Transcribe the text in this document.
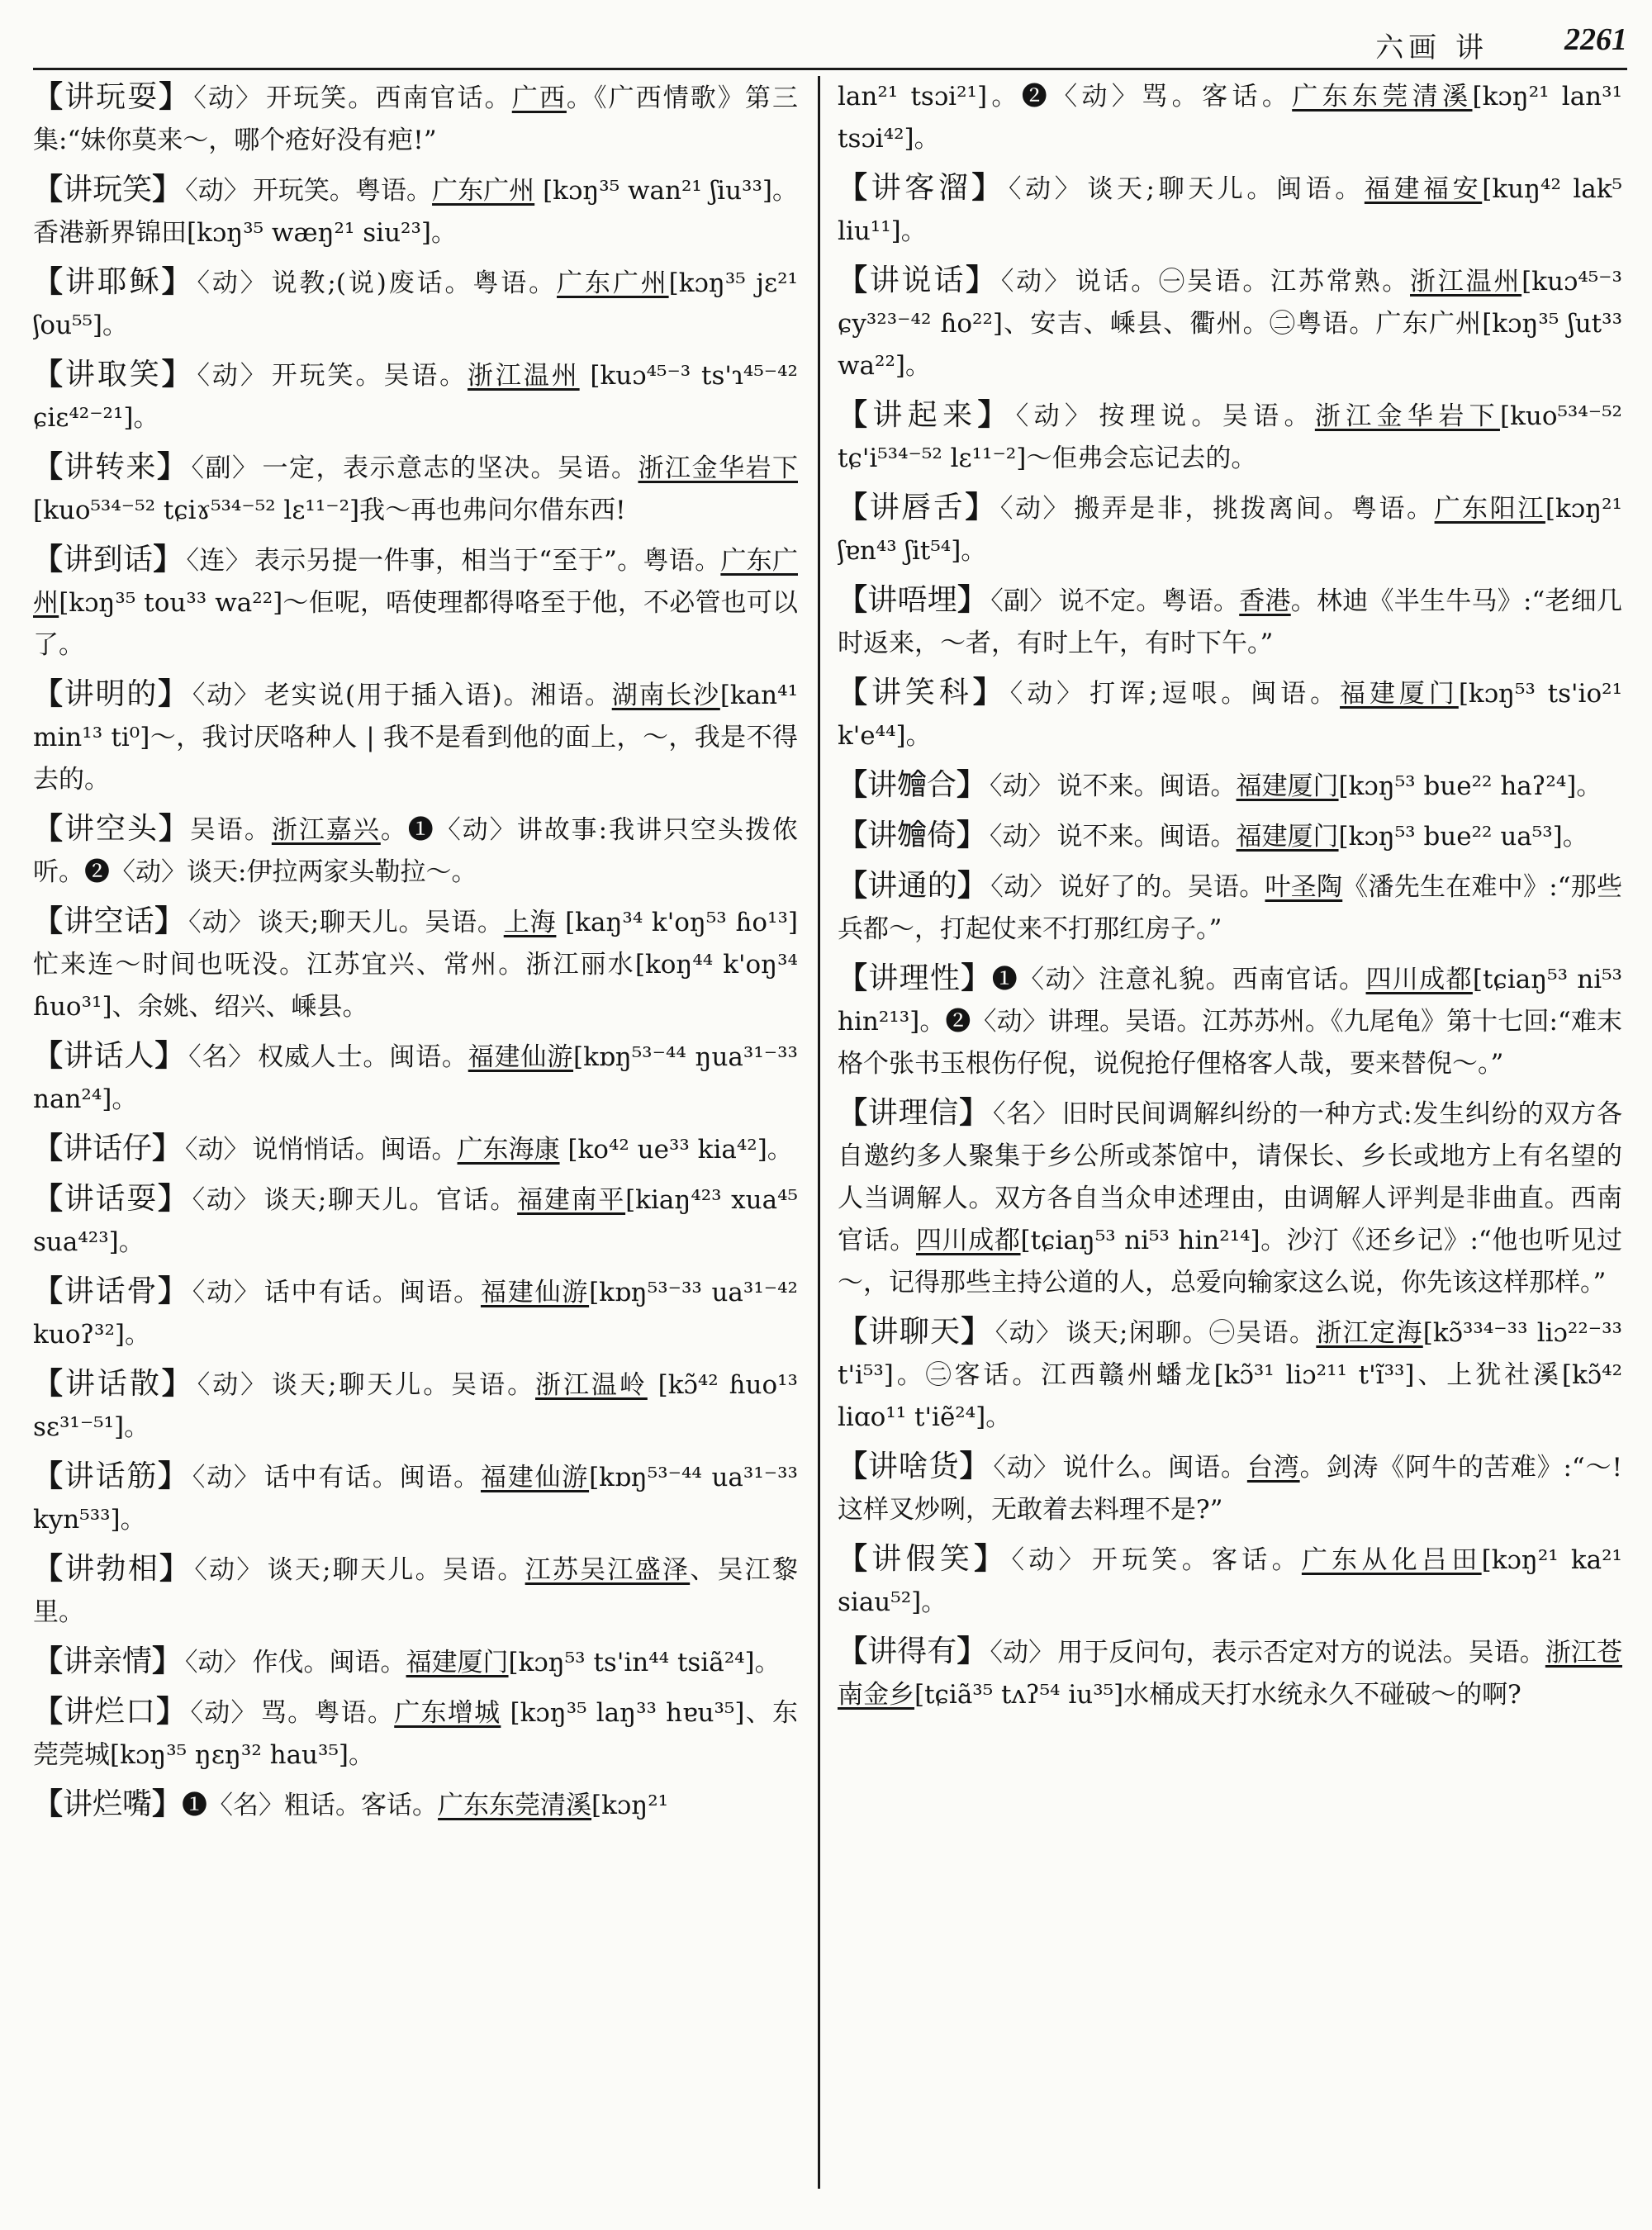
六画 讲 2261

【讲玩耍】 〈动〉 开玩笑。西南官话。广西。《广西情歌》第三集:“妹你莫来～，哪个疮好没有疤!”

【讲玩笑】 〈动〉 开玩笑。粤语。广东广州 [kɔŋ³⁵ wan²¹ ʃiu³³]。香港新界锦田[kɔŋ³⁵ wæŋ²¹ siu²³]。

【讲耶稣】 〈动〉 说教;(说)废话。粤语。广东广州[kɔŋ³⁵ jɛ²¹ ʃou⁵⁵]。

【讲取笑】 〈动〉 开玩笑。吴语。浙江温州 [kuɔ⁴⁵⁻³ ts'ɿ⁴⁵⁻⁴² ɕiɛ⁴²⁻²¹]。

【讲转来】 〈副〉 一定，表示意志的坚决。吴语。浙江金华岩下[kuo⁵³⁴⁻⁵² tɕiɤ⁵³⁴⁻⁵² lɛ¹¹⁻²]我～再也弗问尔借东西!

【讲到话】 〈连〉 表示另提一件事，相当于“至于”。粤语。广东广州[kɔŋ³⁵ tou³³ wa²²]～佢呢，唔使理都得咯至于他，不必管也可以了。

【讲明的】 〈动〉 老实说(用于插入语)。湘语。湖南长沙[kan⁴¹ min¹³ ti⁰]～，我讨厌咯种人 | 我不是看到他的面上，～，我是不得去的。

【讲空头】吴语。浙江嘉兴。❶〈动〉讲故事:我讲只空头拨侬听。❷〈动〉谈天:伊拉两家头勒拉～。

【讲空话】 〈动〉 谈天;聊天儿。吴语。上海 [kaŋ³⁴ k'oŋ⁵³ ɦo¹³]忙来连～时间也呒没。江苏宜兴、常州。浙江丽水[koŋ⁴⁴ k'oŋ³⁴ ɦuo³¹]、余姚、绍兴、嵊县。

【讲话人】 〈名〉 权威人士。闽语。福建仙游[kɒŋ⁵³⁻⁴⁴ ŋua³¹⁻³³ nan²⁴]。

【讲话仔】 〈动〉 说悄悄话。闽语。广东海康 [ko⁴² ue³³ kia⁴²]。

【讲话耍】 〈动〉 谈天;聊天儿。官话。福建南平[kiaŋ⁴²³ xua⁴⁵ sua⁴²³]。

【讲话骨】 〈动〉 话中有话。闽语。福建仙游[kɒŋ⁵³⁻³³ ua³¹⁻⁴² kuoʔ³²]。

【讲话散】 〈动〉 谈天;聊天儿。吴语。浙江温岭 [kɔ̃⁴² ɦuo¹³ sɛ³¹⁻⁵¹]。

【讲话筋】 〈动〉 话中有话。闽语。福建仙游[kɒŋ⁵³⁻⁴⁴ ua³¹⁻³³ kyn⁵³³]。

【讲勃相】 〈动〉 谈天;聊天儿。吴语。江苏吴江盛泽、吴江黎里。

【讲亲情】 〈动〉 作伐。闽语。福建厦门[kɔŋ⁵³ ts'in⁴⁴ tsiã²⁴]。

【讲烂口】 〈动〉 骂。粤语。广东增城 [kɔŋ³⁵ laŋ³³ hɐu³⁵]、东莞莞城[kɔŋ³⁵ ŋɛŋ³² hau³⁵]。

【讲烂嘴】❶〈名〉粗话。客话。广东东莞清溪[kɔŋ²¹

lan²¹ tsɔi²¹]。❷〈动〉骂。客话。广东东莞清溪[kɔŋ²¹ lan³¹ tsɔi⁴²]。

【讲客溜】 〈动〉 谈天;聊天儿。闽语。福建福安[kuŋ⁴² lak⁵ liu¹¹]。

【讲说话】 〈动〉 说话。㊀吴语。江苏常熟。浙江温州[kuɔ⁴⁵⁻³ ɕy³²³⁻⁴² ɦo²²]、安吉、嵊县、衢州。㊁粤语。广东广州[kɔŋ³⁵ ʃut³³ wa²²]。

【讲起来】 〈动〉 按理说。吴语。浙江金华岩下[kuo⁵³⁴⁻⁵² tɕ'i⁵³⁴⁻⁵² lɛ¹¹⁻²]～佢弗会忘记去的。

【讲唇舌】 〈动〉 搬弄是非，挑拨离间。粤语。广东阳江[kɔŋ²¹ ʃɐn⁴³ ʃit⁵⁴]。

【讲唔埋】 〈副〉 说不定。粤语。香港。林迪《半生牛马》:“老细几时返来，～者，有时上午，有时下午。”

【讲笑科】 〈动〉 打诨;逗哏。闽语。福建厦门[kɔŋ⁵³ ts'io²¹ k'e⁴⁴]。

【讲𣍐合】 〈动〉 说不来。闽语。福建厦门[kɔŋ⁵³ bue²² haʔ²⁴]。

【讲𣍐倚】 〈动〉 说不来。闽语。福建厦门[kɔŋ⁵³ bue²² ua⁵³]。

【讲通的】 〈动〉 说好了的。吴语。叶圣陶《潘先生在难中》:“那些兵都～，打起仗来不打那红房子。”

【讲理性】❶〈动〉注意礼貌。西南官话。四川成都[tɕiaŋ⁵³ ni⁵³ hin²¹³]。❷〈动〉讲理。吴语。江苏苏州。《九尾龟》第十七回:“难末格个张书玉根伤仔倪，说倪抢仔俚格客人哉，要来替倪～。”

【讲理信】 〈名〉 旧时民间调解纠纷的一种方式:发生纠纷的双方各自邀约多人聚集于乡公所或茶馆中，请保长、乡长或地方上有名望的人当调解人。双方各自当众申述理由，由调解人评判是非曲直。西南官话。四川成都[tɕiaŋ⁵³ ni⁵³ hin²¹⁴]。沙汀《还乡记》:“他也听见过～，记得那些主持公道的人，总爱向输家这么说，你先该这样那样。”

【讲聊天】 〈动〉 谈天;闲聊。㊀吴语。浙江定海[kɔ̃³³⁴⁻³³ liɔ²²⁻³³ t'i⁵³]。㊁客话。江西赣州蟠龙[kɔ̃³¹ liɔ²¹¹ t'ĩ³³]、上犹社溪[kɔ̃⁴² liɑo¹¹ t'iẽ²⁴]。

【讲啥货】 〈动〉 说什么。闽语。台湾。剑涛《阿牛的苦难》:“～!这样叉炒咧，无敢着去料理不是?”

【讲假笑】 〈动〉 开玩笑。客话。广东从化吕田[kɔŋ²¹ ka²¹ siau⁵²]。

【讲得有】 〈动〉 用于反问句，表示否定对方的说法。吴语。浙江苍南金乡[tɕiã³⁵ tʌʔ⁵⁴ iu³⁵]水桶成天打水统永久不碰破～的啊?
